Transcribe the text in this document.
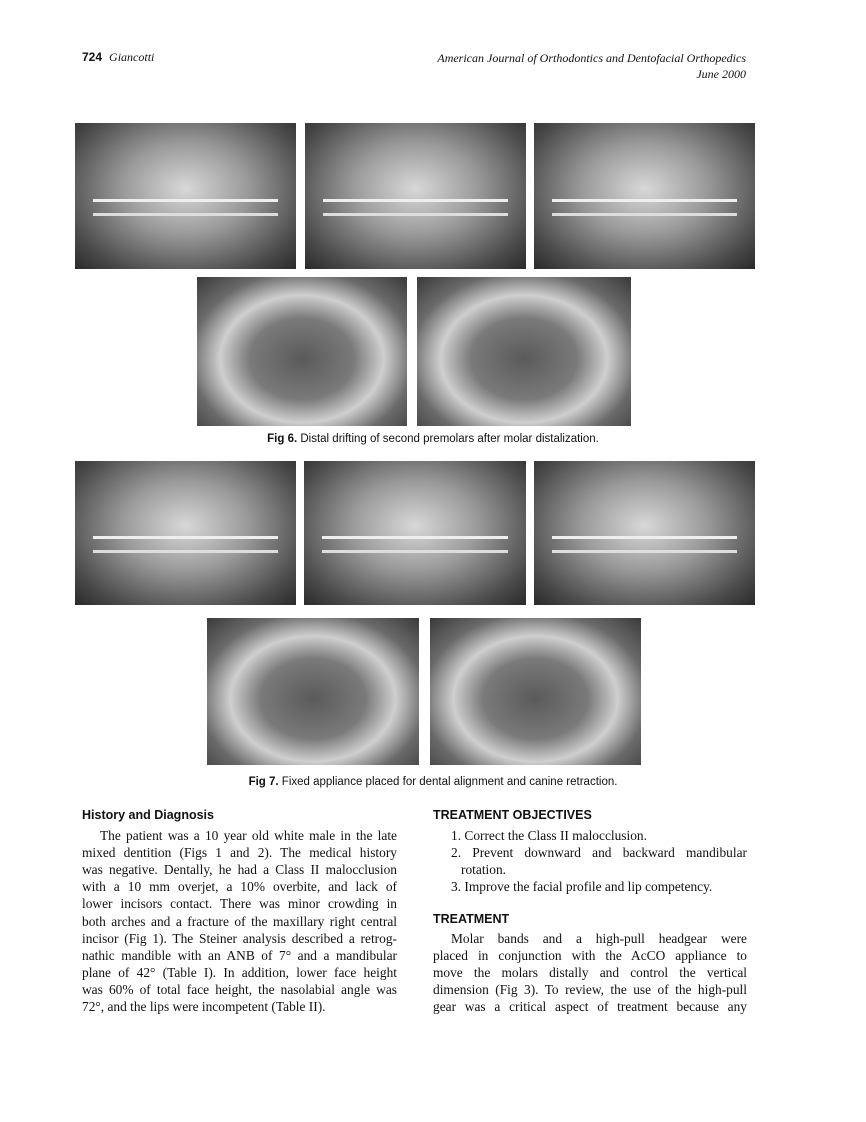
724 Giancotti	American Journal of Orthodontics and Dentofacial Orthopedics
June 2000
Fig 6. Distal drifting of second premolars after molar distalization.
Fig 7. Fixed appliance placed for dental alignment and canine retraction.
History and Diagnosis
The patient was a 10 year old white male in the late
mixed dentition (Figs 1 and 2). The medical history
was negative. Dentally, he had a Class II malocclusion
with a 10 mm overjet, a 10% overbite, and lack of
lower incisors contact. There was minor crowding in
both arches and a fracture of the maxillary right central
incisor (Fig 1). The Steiner analysis described a retrog-
nathic mandible with an ANB of 7° and a mandibular
plane of 42° (Table I). In addition, lower face height
was 60% of total face height, the nasolabial angle was
72°, and the lips were incompetent (Table II).
TREATMENT OBJECTIVES
1. Correct the Class II malocclusion.
2. Prevent downward and backward mandibular
rotation.
3. Improve the facial profile and lip competency.
TREATMENT
Molar bands and a high-pull headgear were
placed in conjunction with the AcCO appliance to
move the molars distally and control the vertical
dimension (Fig 3). To review, the use of the high-pull
gear was a critical aspect of treatment because any
